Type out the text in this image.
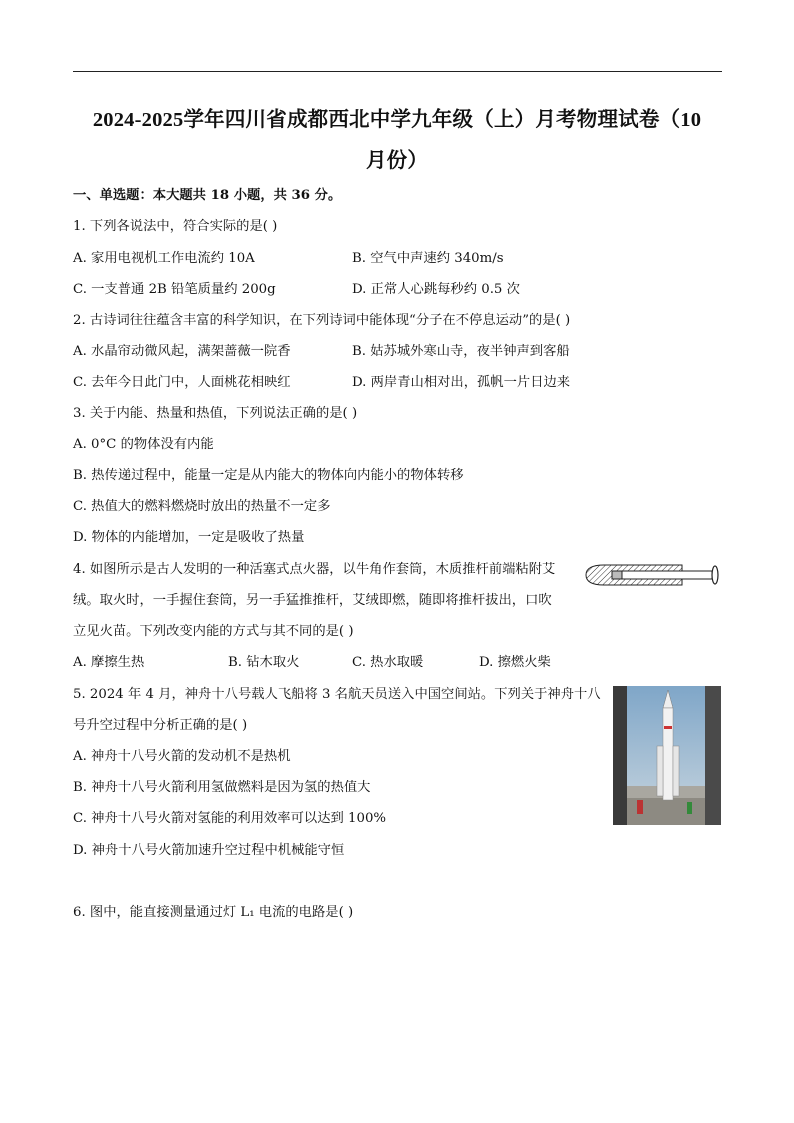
2024-2025学年四川省成都西北中学九年级（上）月考物理试卷（10
月份）
一、单选题：本大题共 18 小题，共 36 分。
1. 下列各说法中，符合实际的是( )
A. 家用电视机工作电流约 10A	B. 空气中声速约 340m/s
C. 一支普通 2B 铅笔质量约 200g	D. 正常人心跳每秒约 0.5 次
2. 古诗词往往蕴含丰富的科学知识，在下列诗词中能体现“分子在不停息运动”的是( )
A. 水晶帘动微风起，满架蔷薇一院香	B. 姑苏城外寒山寺，夜半钟声到客船
C. 去年今日此门中，人面桃花相映红	D. 两岸青山相对出，孤帆一片日边来
3. 关于内能、热量和热值，下列说法正确的是( )
A. 0°C 的物体没有内能
B. 热传递过程中，能量一定是从内能大的物体向内能小的物体转移
C. 热值大的燃料燃烧时放出的热量不一定多
D. 物体的内能增加，一定是吸收了热量
4. 如图所示是古人发明的一种活塞式点火器，以牛角作套筒，木质推杆前端粘附艾
绒。取火时，一手握住套筒，另一手猛推推杆，艾绒即燃，随即将推杆拔出，口吹
立见火苗。下列改变内能的方式与其不同的是( )
A. 摩擦生热	B. 钻木取火	C. 热水取暖	D. 擦燃火柴
5. 2024 年 4 月，神舟十八号载人飞船将 3 名航天员送入中国空间站。下列关于神舟十八
号升空过程中分析正确的是( )
A. 神舟十八号火箭的发动机不是热机
B. 神舟十八号火箭利用氢做燃料是因为氢的热值大
C. 神舟十八号火箭对氢能的利用效率可以达到 100%
D. 神舟十八号火箭加速升空过程中机械能守恒
6. 图中，能直接测量通过灯 L₁ 电流的电路是( )
